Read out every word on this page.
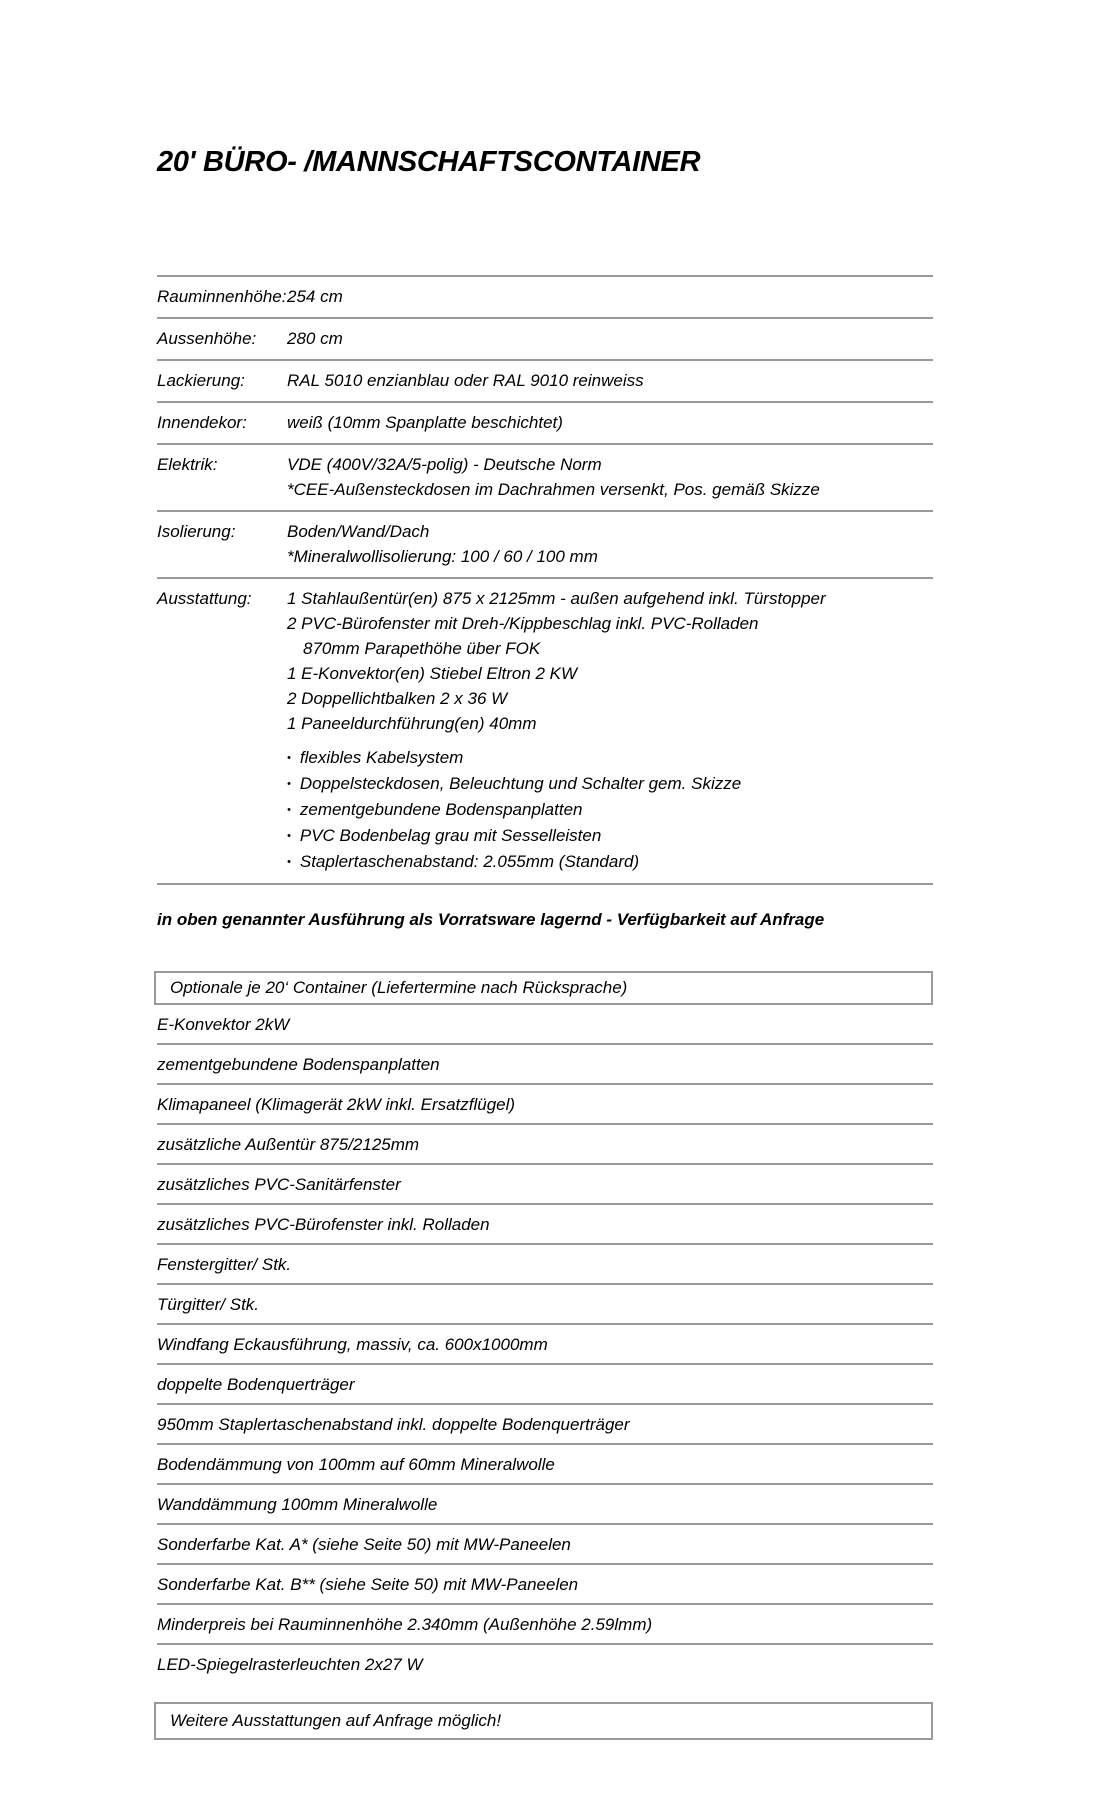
20' BÜRO- /MANNSCHAFTSCONTAINER
Rauminnenhöhe: 254 cm
Aussenhöhe:	280 cm
Lackierung:	RAL 5010 enzianblau oder RAL 9010 reinweiss
Innendekor:	weiß (10mm Spanplatte beschichtet)
Elektrik:	VDE (400V/32A/5-polig) - Deutsche Norm
*CEE-Außensteckdosen im Dachrahmen versenkt, Pos. gemäß Skizze
Isolierung:	Boden/Wand/Dach
*Mineralwollisolierung: 100 / 60 / 100 mm
Ausstattung:	1 Stahlaußentür(en) 875 x 2125mm - außen aufgehend inkl. Türstopper
2 PVC-Bürofenster mit Dreh-/Kippbeschlag inkl. PVC-Rolladen
870mm Parapethöhe über FOK
1 E-Konvektor(en) Stiebel Eltron 2 KW
2 Doppellichtbalken 2 x 36 W
1 Paneeldurchführung(en) 40mm
• flexibles Kabelsystem
• Doppelsteckdosen, Beleuchtung und Schalter gem. Skizze
• zementgebundene Bodenspanplatten
• PVC Bodenbelag grau mit Sesselleisten
• Staplertaschenabstand: 2.055mm (Standard)
in oben genannter Ausführung als Vorratsware lagernd - Verfügbarkeit auf Anfrage
Optionale je 20‘ Container (Liefertermine nach Rücksprache)
E-Konvektor 2kW
zementgebundene Bodenspanplatten
Klimapaneel (Klimagerät 2kW inkl. Ersatzflügel)
zusätzliche Außentür 875/2125mm
zusätzliches PVC-Sanitärfenster
zusätzliches PVC-Bürofenster inkl. Rolladen
Fenstergitter/ Stk.
Türgitter/ Stk.
Windfang Eckausführung, massiv, ca. 600x1000mm
doppelte Bodenquerträger
950mm Staplertaschenabstand inkl. doppelte Bodenquerträger
Bodendämmung von 100mm auf 60mm Mineralwolle
Wanddämmung 100mm Mineralwolle
Sonderfarbe Kat. A* (siehe Seite 50) mit MW-Paneelen
Sonderfarbe Kat. B** (siehe Seite 50) mit MW-Paneelen
Minderpreis bei Rauminnenhöhe 2.340mm (Außenhöhe 2.59lmm)
LED-Spiegelrasterleuchten 2x27 W
Weitere Ausstattungen auf Anfrage möglich!
